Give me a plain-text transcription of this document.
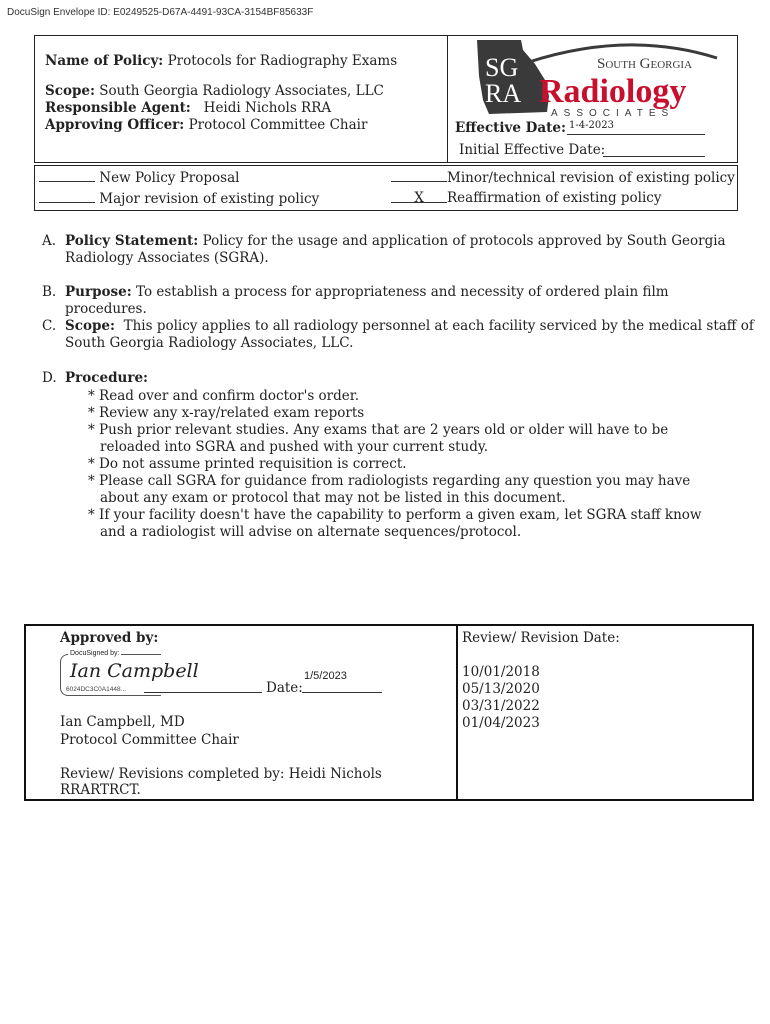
DocuSign Envelope ID: E0249525-D67A-4491-93CA-3154BF85633F
Name of Policy: Protocols for Radiography Exams
Scope: South Georgia Radiology Associates, LLC
Responsible Agent: Heidi Nichols RRA
Approving Officer: Protocol Committee Chair
SG
RA
South Georgia
Radiology
ASSOCIATES
Effective Date: 1-4-2023
Initial Effective Date:
New Policy Proposal
Major revision of existing policy
Minor/technical revision of existing policy
X Reaffirmation of existing policy
A. Policy Statement: Policy for the usage and application of protocols approved by South Georgia Radiology Associates (SGRA).
B. Purpose: To establish a process for appropriateness and necessity of ordered plain film procedures.
C. Scope: This policy applies to all radiology personnel at each facility serviced by the medical staff of South Georgia Radiology Associates, LLC.
D. Procedure:
* Read over and confirm doctor's order.
* Review any x-ray/related exam reports
* Push prior relevant studies. Any exams that are 2 years old or older will have to be reloaded into SGRA and pushed with your current study.
* Do not assume printed requisition is correct.
* Please call SGRA for guidance from radiologists regarding any question you may have about any exam or protocol that may not be listed in this document.
* If your facility doesn't have the capability to perform a given exam, let SGRA staff know and a radiologist will advise on alternate sequences/protocol.
Approved by:
DocuSigned by:
Ian Campbell
6024DC3C0A1448...	Date:
1/5/2023
Ian Campbell, MD
Protocol Committee Chair
Review/ Revisions completed by: Heidi Nichols RRARTRCT.
Review/ Revision Date:
10/01/2018
05/13/2020
03/31/2022
01/04/2023
